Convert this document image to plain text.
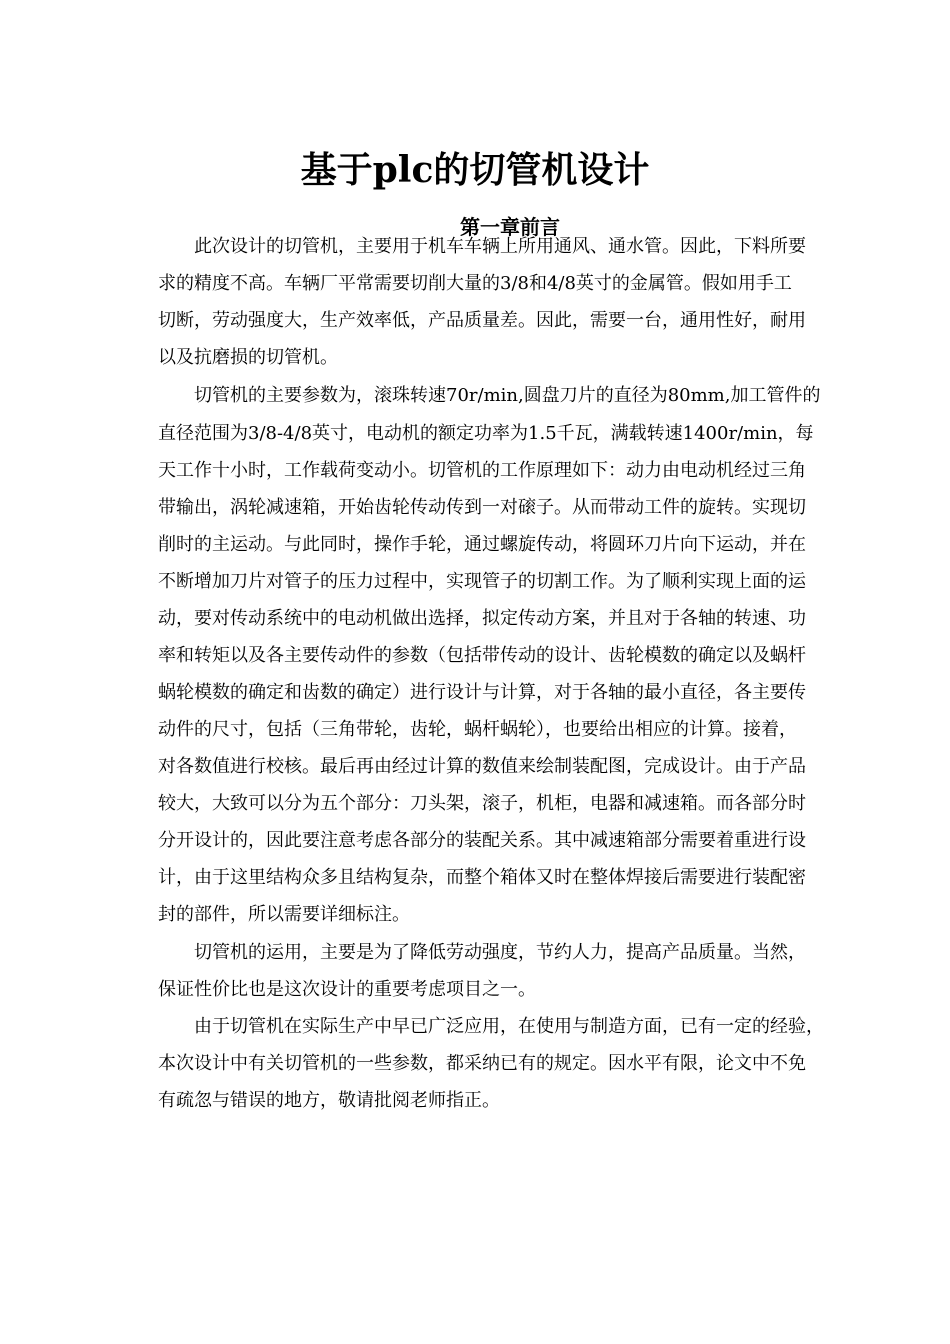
基于plc的切管机设计
第一章前言
此次设计的切管机，主要用于机车车辆上所用通风、通水管。因此，下料所要
求的精度不高。车辆厂平常需要切削大量的3/8和4/8英寸的金属管。假如用手工
切断，劳动强度大，生产效率低，产品质量差。因此，需要一台，通用性好，耐用
以及抗磨损的切管机。
切管机的主要参数为，滚珠转速70r/min,圆盘刀片的直径为80mm,加工管件的
直径范围为3/8-4/8英寸，电动机的额定功率为1.5千瓦，满载转速1400r/min，每
天工作十小时，工作载荷变动小。切管机的工作原理如下：动力由电动机经过三角
带输出，涡轮减速箱，开始齿轮传动传到一对磙子。从而带动工件的旋转。实现切
削时的主运动。与此同时，操作手轮，通过螺旋传动，将圆环刀片向下运动，并在
不断增加刀片对管子的压力过程中，实现管子的切割工作。为了顺利实现上面的运
动，要对传动系统中的电动机做出选择，拟定传动方案，并且对于各轴的转速、功
率和转矩以及各主要传动件的参数（包括带传动的设计、齿轮模数的确定以及蜗杆
蜗轮模数的确定和齿数的确定）进行设计与计算，对于各轴的最小直径，各主要传
动件的尺寸，包括（三角带轮，齿轮，蜗杆蜗轮），也要给出相应的计算。接着，
对各数值进行校核。最后再由经过计算的数值来绘制装配图，完成设计。由于产品
较大，大致可以分为五个部分：刀头架，滚子，机柜，电器和减速箱。而各部分时
分开设计的，因此要注意考虑各部分的装配关系。其中减速箱部分需要着重进行设
计，由于这里结构众多且结构复杂，而整个箱体又时在整体焊接后需要进行装配密
封的部件，所以需要详细标注。
切管机的运用，主要是为了降低劳动强度，节约人力，提高产品质量。当然，
保证性价比也是这次设计的重要考虑项目之一。
由于切管机在实际生产中早已广泛应用，在使用与制造方面，已有一定的经验，
本次设计中有关切管机的一些参数，都采纳已有的规定。因水平有限，论文中不免
有疏忽与错误的地方，敬请批阅老师指正。
